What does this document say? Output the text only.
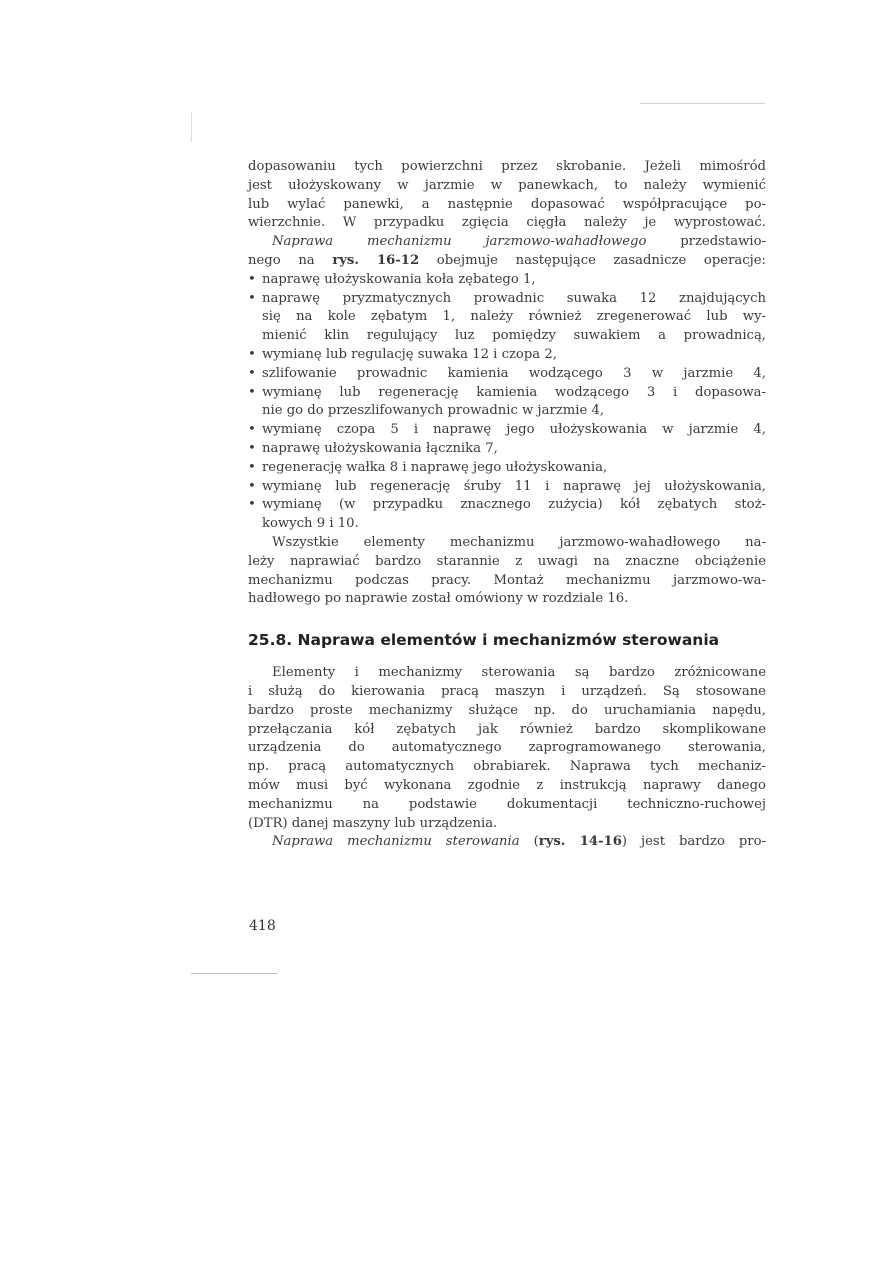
dopasowaniu tych powierzchni przez skrobanie. Jeżeli mimośród
jest ułożyskowany w jarzmie w panewkach, to należy wymienić
lub wylać panewki, a następnie dopasować współpracujące po-
wierzchnie. W przypadku zgięcia cięgła należy je wyprostować.
Naprawa mechanizmu jarzmowo-wahadłowego przedstawio-
nego na rys. 16-12 obejmuje następujące zasadnicze operacje:
• naprawę ułożyskowania koła zębatego 1,
• naprawę pryzmatycznych prowadnic suwaka 12 znajdujących
się na kole zębatym 1, należy również zregenerować lub wy-
mienić klin regulujący luz pomiędzy suwakiem a prowadnicą,
• wymianę lub regulację suwaka 12 i czopa 2,
• szlifowanie prowadnic kamienia wodzącego 3 w jarzmie 4,
• wymianę lub regenerację kamienia wodzącego 3 i dopasowa-
nie go do przeszlifowanych prowadnic w jarzmie 4,
• wymianę czopa 5 i naprawę jego ułożyskowania w jarzmie 4,
• naprawę ułożyskowania łącznika 7,
• regenerację wałka 8 i naprawę jego ułożyskowania,
• wymianę lub regenerację śruby 11 i naprawę jej ułożyskowania,
• wymianę (w przypadku znacznego zużycia) kół zębatych stoż-
kowych 9 i 10.
Wszystkie elementy mechanizmu jarzmowo-wahadłowego na-
leży naprawiać bardzo starannie z uwagi na znaczne obciążenie
mechanizmu podczas pracy. Montaż mechanizmu jarzmowo-wa-
hadłowego po naprawie został omówiony w rozdziale 16.
25.8. Naprawa elementów i mechanizmów sterowania
Elementy i mechanizmy sterowania są bardzo zróżnicowane
i służą do kierowania pracą maszyn i urządzeń. Są stosowane
bardzo proste mechanizmy służące np. do uruchamiania napędu,
przełączania kół zębatych jak również bardzo skomplikowane
urządzenia do automatycznego zaprogramowanego sterowania,
np. pracą automatycznych obrabiarek. Naprawa tych mechaniz-
mów musi być wykonana zgodnie z instrukcją naprawy danego
mechanizmu na podstawie dokumentacji techniczno-ruchowej
(DTR) danej maszyny lub urządzenia.
Naprawa mechanizmu sterowania (rys. 14-16) jest bardzo pro-
418
